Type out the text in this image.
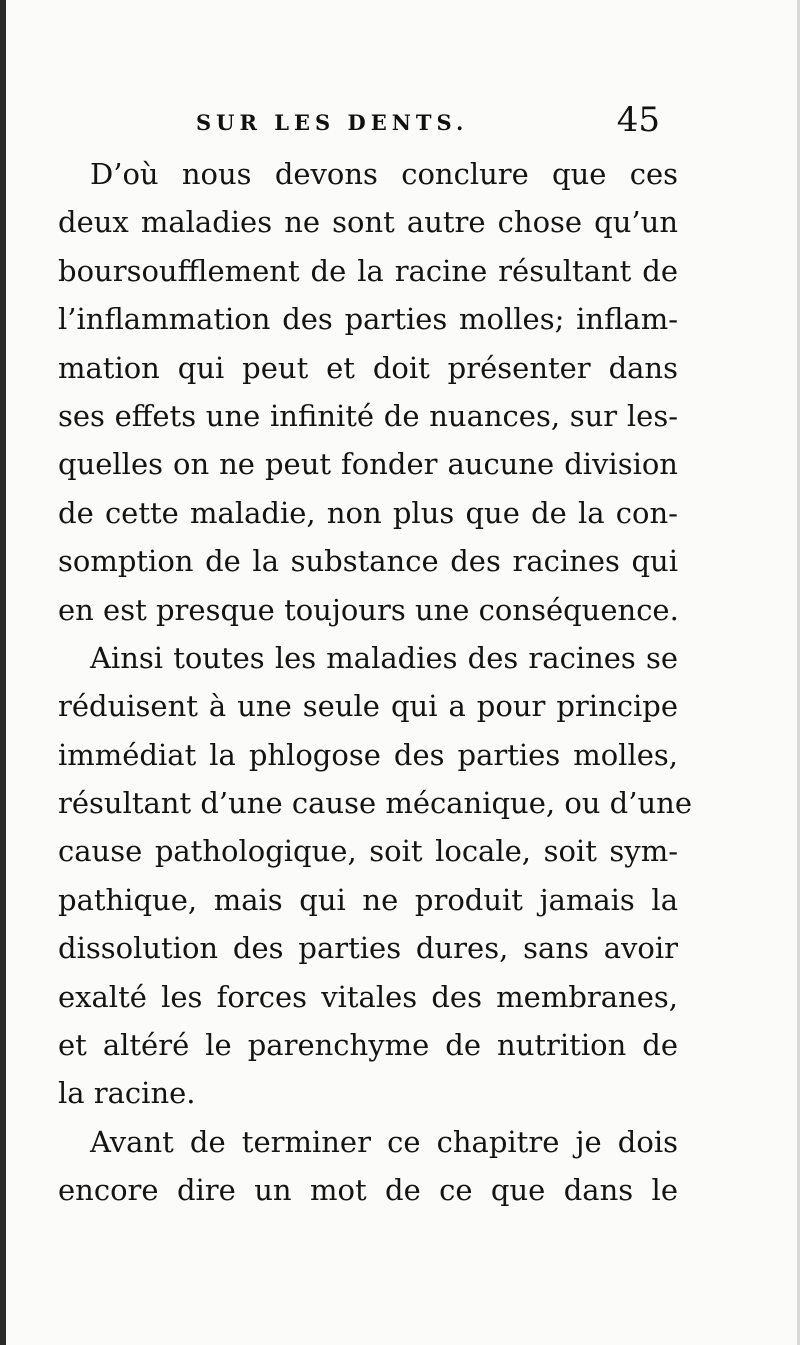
SUR LES DENTS.	45
D’où nous devons conclure que ces
deux maladies ne sont autre chose qu’un
boursoufflement de la racine résultant de
l’inflammation des parties molles; inflam-
mation qui peut et doit présenter dans
ses effets une infinité de nuances, sur les-
quelles on ne peut fonder aucune division
de cette maladie, non plus que de la con-
somption de la substance des racines qui
en est presque toujours une conséquence.
Ainsi toutes les maladies des racines se
réduisent à une seule qui a pour principe
immédiat la phlogose des parties molles,
résultant d’une cause mécanique, ou d’une
cause pathologique, soit locale, soit sym-
pathique, mais qui ne produit jamais la
dissolution des parties dures, sans avoir
exalté les forces vitales des membranes,
et altéré le parenchyme de nutrition de
la racine.
Avant de terminer ce chapitre je dois
encore dire un mot de ce que dans le
